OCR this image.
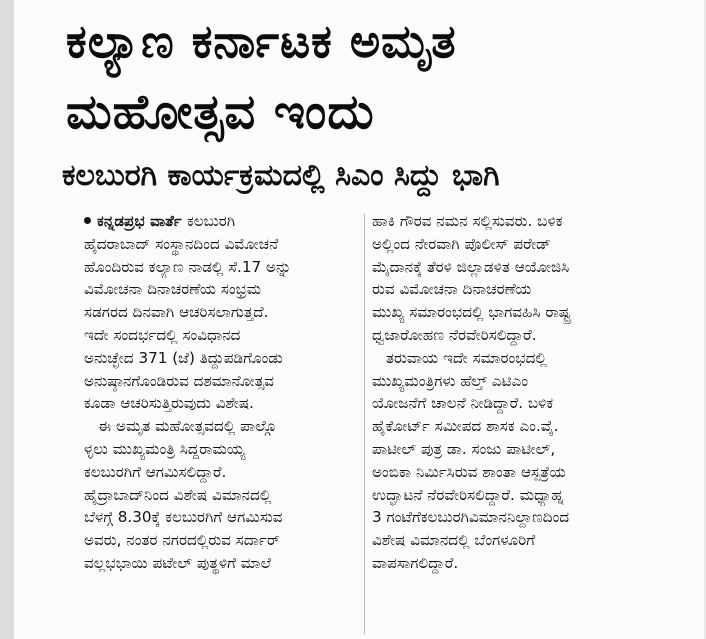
ಕಲ್ಯಾಣ ಕರ್ನಾಟಕ ಅಮೃತ
ಮಹೋತ್ಸವ ಇಂದು
ಕಲಬುರಗಿ ಕಾರ್ಯಕ್ರಮದಲ್ಲಿ ಸಿಎಂ ಸಿದ್ದು ಭಾಗಿ
ಕನ್ನಡಪ್ರಭ ವಾರ್ತೆ ಕಲಬುರಗಿ
ಹೈದರಾಬಾದ್ ಸಂಸ್ಥಾನದಿಂದ ವಿಮೋಚನೆ
ಹೊಂದಿರುವ ಕಲ್ಯಾಣ ನಾಡಲ್ಲಿ ಸೆ.17 ಅನ್ನು
ವಿಮೋಚನಾ ದಿನಾಚರಣೆಯ ಸಂಭ್ರಮ
ಸಡಗರದ ದಿನವಾಗಿ ಆಚರಿಸಲಾಗುತ್ತದೆ.
ಇದೇ ಸಂದರ್ಭದಲ್ಲಿ ಸಂವಿಧಾನದ
ಅನುಚ್ಛೇದ 371 (ಜೆ) ತಿದ್ದುಪಡಿಗೊಂಡು
ಅನುಷ್ಠಾನಗೊಂಡಿರುವ ದಶಮಾನೋತ್ಸವ
ಕೂಡಾ ಆಚರಿಸುತ್ತಿರುವುದು ವಿಶೇಷ.
ಈ ಅಮೃತ ಮಹೋತ್ಸವದಲ್ಲಿ ಪಾಲ್ಗೊ
ಳ್ಳಲು ಮುಖ್ಯಮಂತ್ರಿ ಸಿದ್ದರಾಮಯ್ಯ
ಕಲಬುರಗಿಗೆ ಆಗಮಿಸಲಿದ್ದಾರೆ.
ಹೈದ್ರಾಬಾದ್‌ನಿಂದ ವಿಶೇಷ ವಿಮಾನದಲ್ಲಿ
ಬೆಳಗ್ಗೆ 8.30ಕ್ಕೆ ಕಲಬುರಗಿಗೆ ಆಗಮಿಸುವ
ಅವರು, ನಂತರ ನಗರದಲ್ಲಿರುವ ಸರ್ದಾರ್
ವಲ್ಲಭಭಾಯಿ ಪಟೇಲ್ ಪುತ್ಥಳಿಗೆ ಮಾಲೆ
ಹಾಕಿ ಗೌರವ ನಮನ ಸಲ್ಲಿಸುವರು. ಬಳಿಕ
ಅಲ್ಲಿಂದ ನೇರವಾಗಿ ಪೊಲೀಸ್ ಪರೇಡ್
ಮೈದಾನಕ್ಕೆ ತೆರಳಿ ಜಿಲ್ಲಾಡಳಿತ ಆಯೋಜಿಸಿ
ರುವ ವಿಮೋಚನಾ ದಿನಾಚರಣೆಯ
ಮುಖ್ಯ ಸಮಾರಂಭದಲ್ಲಿ ಭಾಗವಹಿಸಿ ರಾಷ್ಟ್ರ
ಧ್ವಜಾರೋಹಣ ನೆರವೇರಿಸಲಿದ್ದಾರೆ.
ತರುವಾಯ ಇದೇ ಸಮಾರಂಭದಲ್ಲಿ
ಮುಖ್ಯಮಂತ್ರಿಗಳು ಹೆಲ್ತ್ ಎಟಿಎಂ
ಯೋಜನೆಗೆ ಚಾಲನೆ ನೀಡಿದ್ದಾರೆ. ಬಳಿಕ
ಹೈಕೋರ್ಟ್ ಸಮೀಪದ ಶಾಸಕ ಎಂ.ವೈ.
ಪಾಟೀಲ್ ಪುತ್ರ ಡಾ. ಸಂಜು ಪಾಟೀಲ್,
ಅಂಬಿಕಾ ನಿರ್ಮಿಸಿರುವ ಶಾಂತಾ ಆಸ್ಪತ್ರೆಯ
ಉದ್ಘಾಟನೆ ನೆರವೇರಿಸಲಿದ್ದಾರೆ. ಮಧ್ಯಾಹ್ನ
3 ಗಂಟೆಗೆಕಲಬುರಗಿವಿಮಾನನಿಲ್ದಾಣದಿಂದ
ವಿಶೇಷ ವಿಮಾನದಲ್ಲಿ ಬೆಂಗಳೂರಿಗೆ
ವಾಪಸಾಗಲಿದ್ದಾರೆ.
